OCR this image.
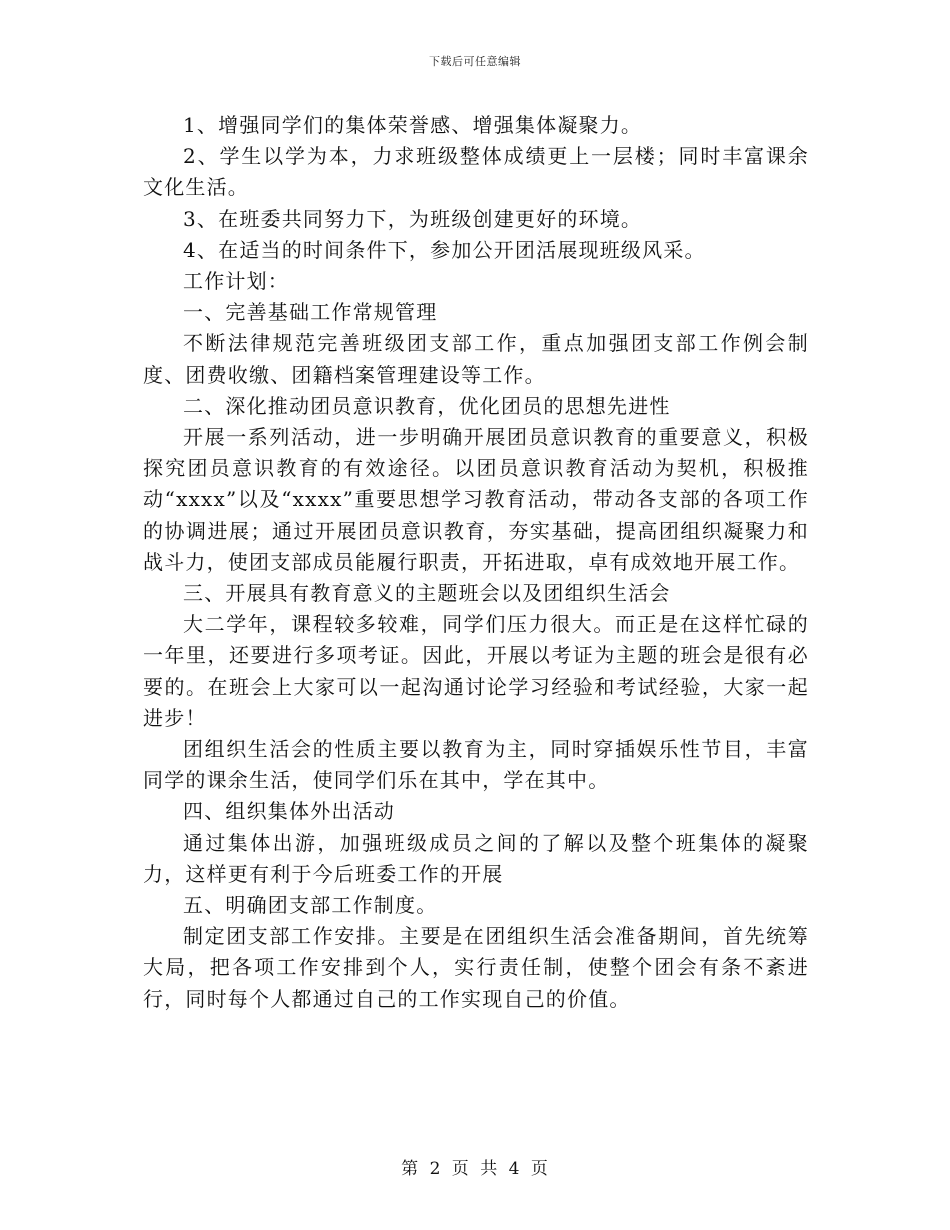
下载后可任意编辑

1、增强同学们的集体荣誉感、增强集体凝聚力。

2、学生以学为本，力求班级整体成绩更上一层楼；同时丰富课余文化生活。

3、在班委共同努力下，为班级创建更好的环境。

4、在适当的时间条件下，参加公开团活展现班级风采。

工作计划：

一、完善基础工作常规管理

不断法律规范完善班级团支部工作，重点加强团支部工作例会制度、团费收缴、团籍档案管理建设等工作。

二、深化推动团员意识教育，优化团员的思想先进性

开展一系列活动，进一步明确开展团员意识教育的重要意义，积极探究团员意识教育的有效途径。以团员意识教育活动为契机，积极推动“xxxx”以及“xxxx”重要思想学习教育活动，带动各支部的各项工作的协调进展；通过开展团员意识教育，夯实基础，提高团组织凝聚力和战斗力，使团支部成员能履行职责，开拓进取，卓有成效地开展工作。

三、开展具有教育意义的主题班会以及团组织生活会

大二学年，课程较多较难，同学们压力很大。而正是在这样忙碌的一年里，还要进行多项考证。因此，开展以考证为主题的班会是很有必要的。在班会上大家可以一起沟通讨论学习经验和考试经验，大家一起进步！

团组织生活会的性质主要以教育为主，同时穿插娱乐性节目，丰富同学的课余生活，使同学们乐在其中，学在其中。

四、组织集体外出活动

通过集体出游，加强班级成员之间的了解以及整个班集体的凝聚力，这样更有利于今后班委工作的开展

五、明确团支部工作制度。

制定团支部工作安排。主要是在团组织生活会准备期间，首先统筹大局，把各项工作安排到个人，实行责任制，使整个团会有条不紊进行，同时每个人都通过自己的工作实现自己的价值。

第 2 页 共 4 页
